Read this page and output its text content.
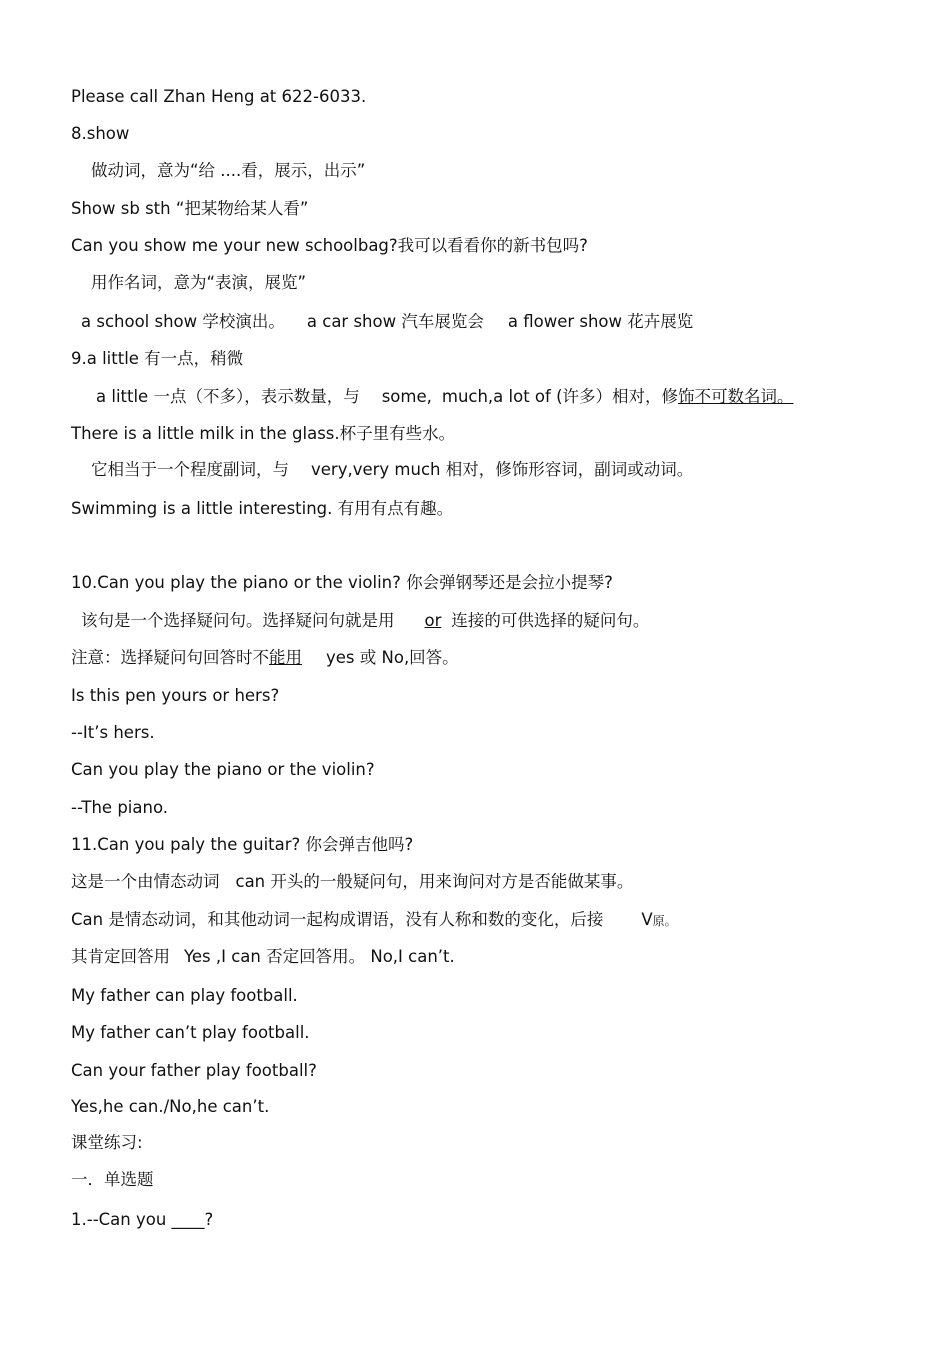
Please call Zhan Heng at 622-6033.
8.show
做动词，意为“给 ....看，展示，出示”
Show sb sth “把某物给某人看”
Can you show me your new schoolbag?我可以看看你的新书包吗?
用作名词，意为“表演，展览”
a school show 学校演出。 a car show 汽车展览会 a flower show 花卉展览
9.a little 有一点，稍微
a little 一点（不多），表示数量，与 some, much,a lot of (许多）相对，修饰不可数名词。
There is a little milk in the glass.杯子里有些水。
它相当于一个程度副词，与 very,very much 相对，修饰形容词，副词或动词。
Swimming is a little interesting. 有用有点有趣。
10.Can you play the piano or the violin? 你会弹钢琴还是会拉小提琴?
该句是一个选择疑问句。选择疑问句就是用 or 连接的可供选择的疑问句。
注意：选择疑问句回答时不能用 yes 或 No,回答。
Is this pen yours or hers?
--It’s hers.
Can you play the piano or the violin?
--The piano.
11.Can you paly the guitar? 你会弹吉他吗?
这是一个由情态动词 can 开头的一般疑问句，用来询问对方是否能做某事。
Can 是情态动词，和其他动词一起构成谓语，没有人称和数的变化，后接 V原。
其肯定回答用 Yes ,I can 否定回答用。 No,I can’t.
My father can play football.
My father can’t play football.
Can your father play football?
Yes,he can./No,he can’t.
课堂练习:
一．单选题
1.--Can you ____?
